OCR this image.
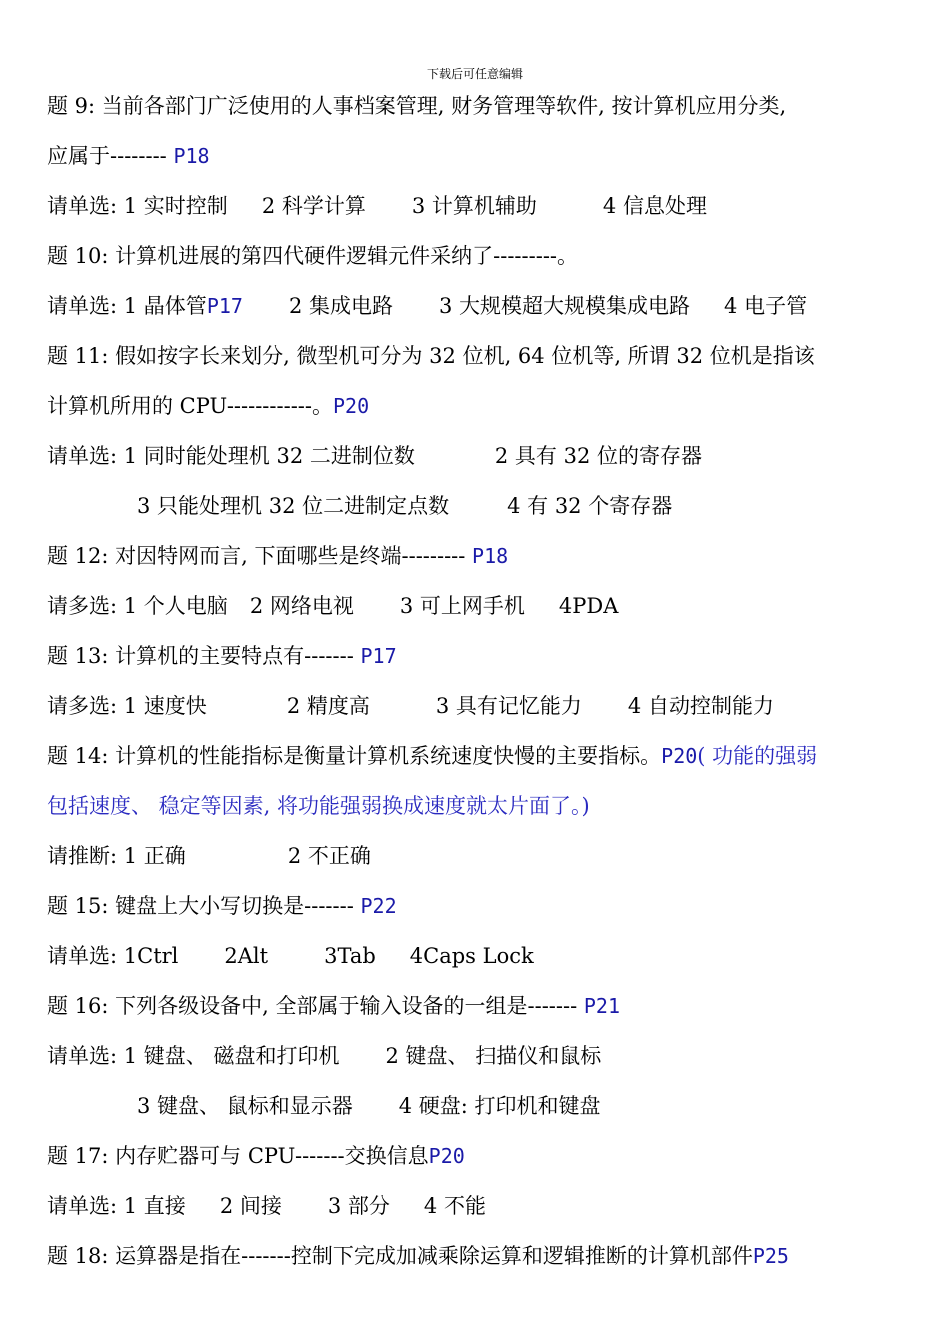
下载后可任意编辑
题 9: 当前各部门广泛使用的人事档案管理, 财务管理等软件, 按计算机应用分类,
应属于-------- P18
请单选: 1 实时控制 2 科学计算 3 计算机辅助	4 信息处理
题 10: 计算机进展的第四代硬件逻辑元件采纳了---------。
请单选: 1 晶体管P17 2 集成电路 3 大规模超大规模集成电路 4 电子管
题 11: 假如按字长来划分, 微型机可分为 32 位机, 64 位机等, 所谓 32 位机是指该
计算机所用的 CPU------------。P20
请单选: 1 同时能处理机 32 二进制位数	2 具有 32 位的寄存器
3 只能处理机 32 位二进制定点数	4 有 32 个寄存器
题 12: 对因特网而言, 下面哪些是终端--------- P18
请多选: 1 个人电脑 2 网络电视 3 可上网手机 4PDA
题 13: 计算机的主要特点有------- P17
请多选: 1 速度快	2 精度高	3 具有记忆能力 4 自动控制能力
题 14: 计算机的性能指标是衡量计算机系统速度快慢的主要指标。P20( 功能的强弱
包括速度、 稳定等因素, 将功能强弱换成速度就太片面了。)
请推断: 1 正确	2 不正确
题 15: 键盘上大小写切换是------- P22
请单选: 1Ctrl 2Alt	3Tab 4Caps Lock
题 16: 下列各级设备中, 全部属于输入设备的一组是------- P21
请单选: 1 键盘、 磁盘和打印机 2 键盘、 扫描仪和鼠标
3 键盘、 鼠标和显示器 4 硬盘: 打印机和键盘
题 17: 内存贮器可与 CPU-------交换信息P20
请单选: 1 直接 2 间接 3 部分 4 不能
题 18: 运算器是指在-------控制下完成加减乘除运算和逻辑推断的计算机部件P25
